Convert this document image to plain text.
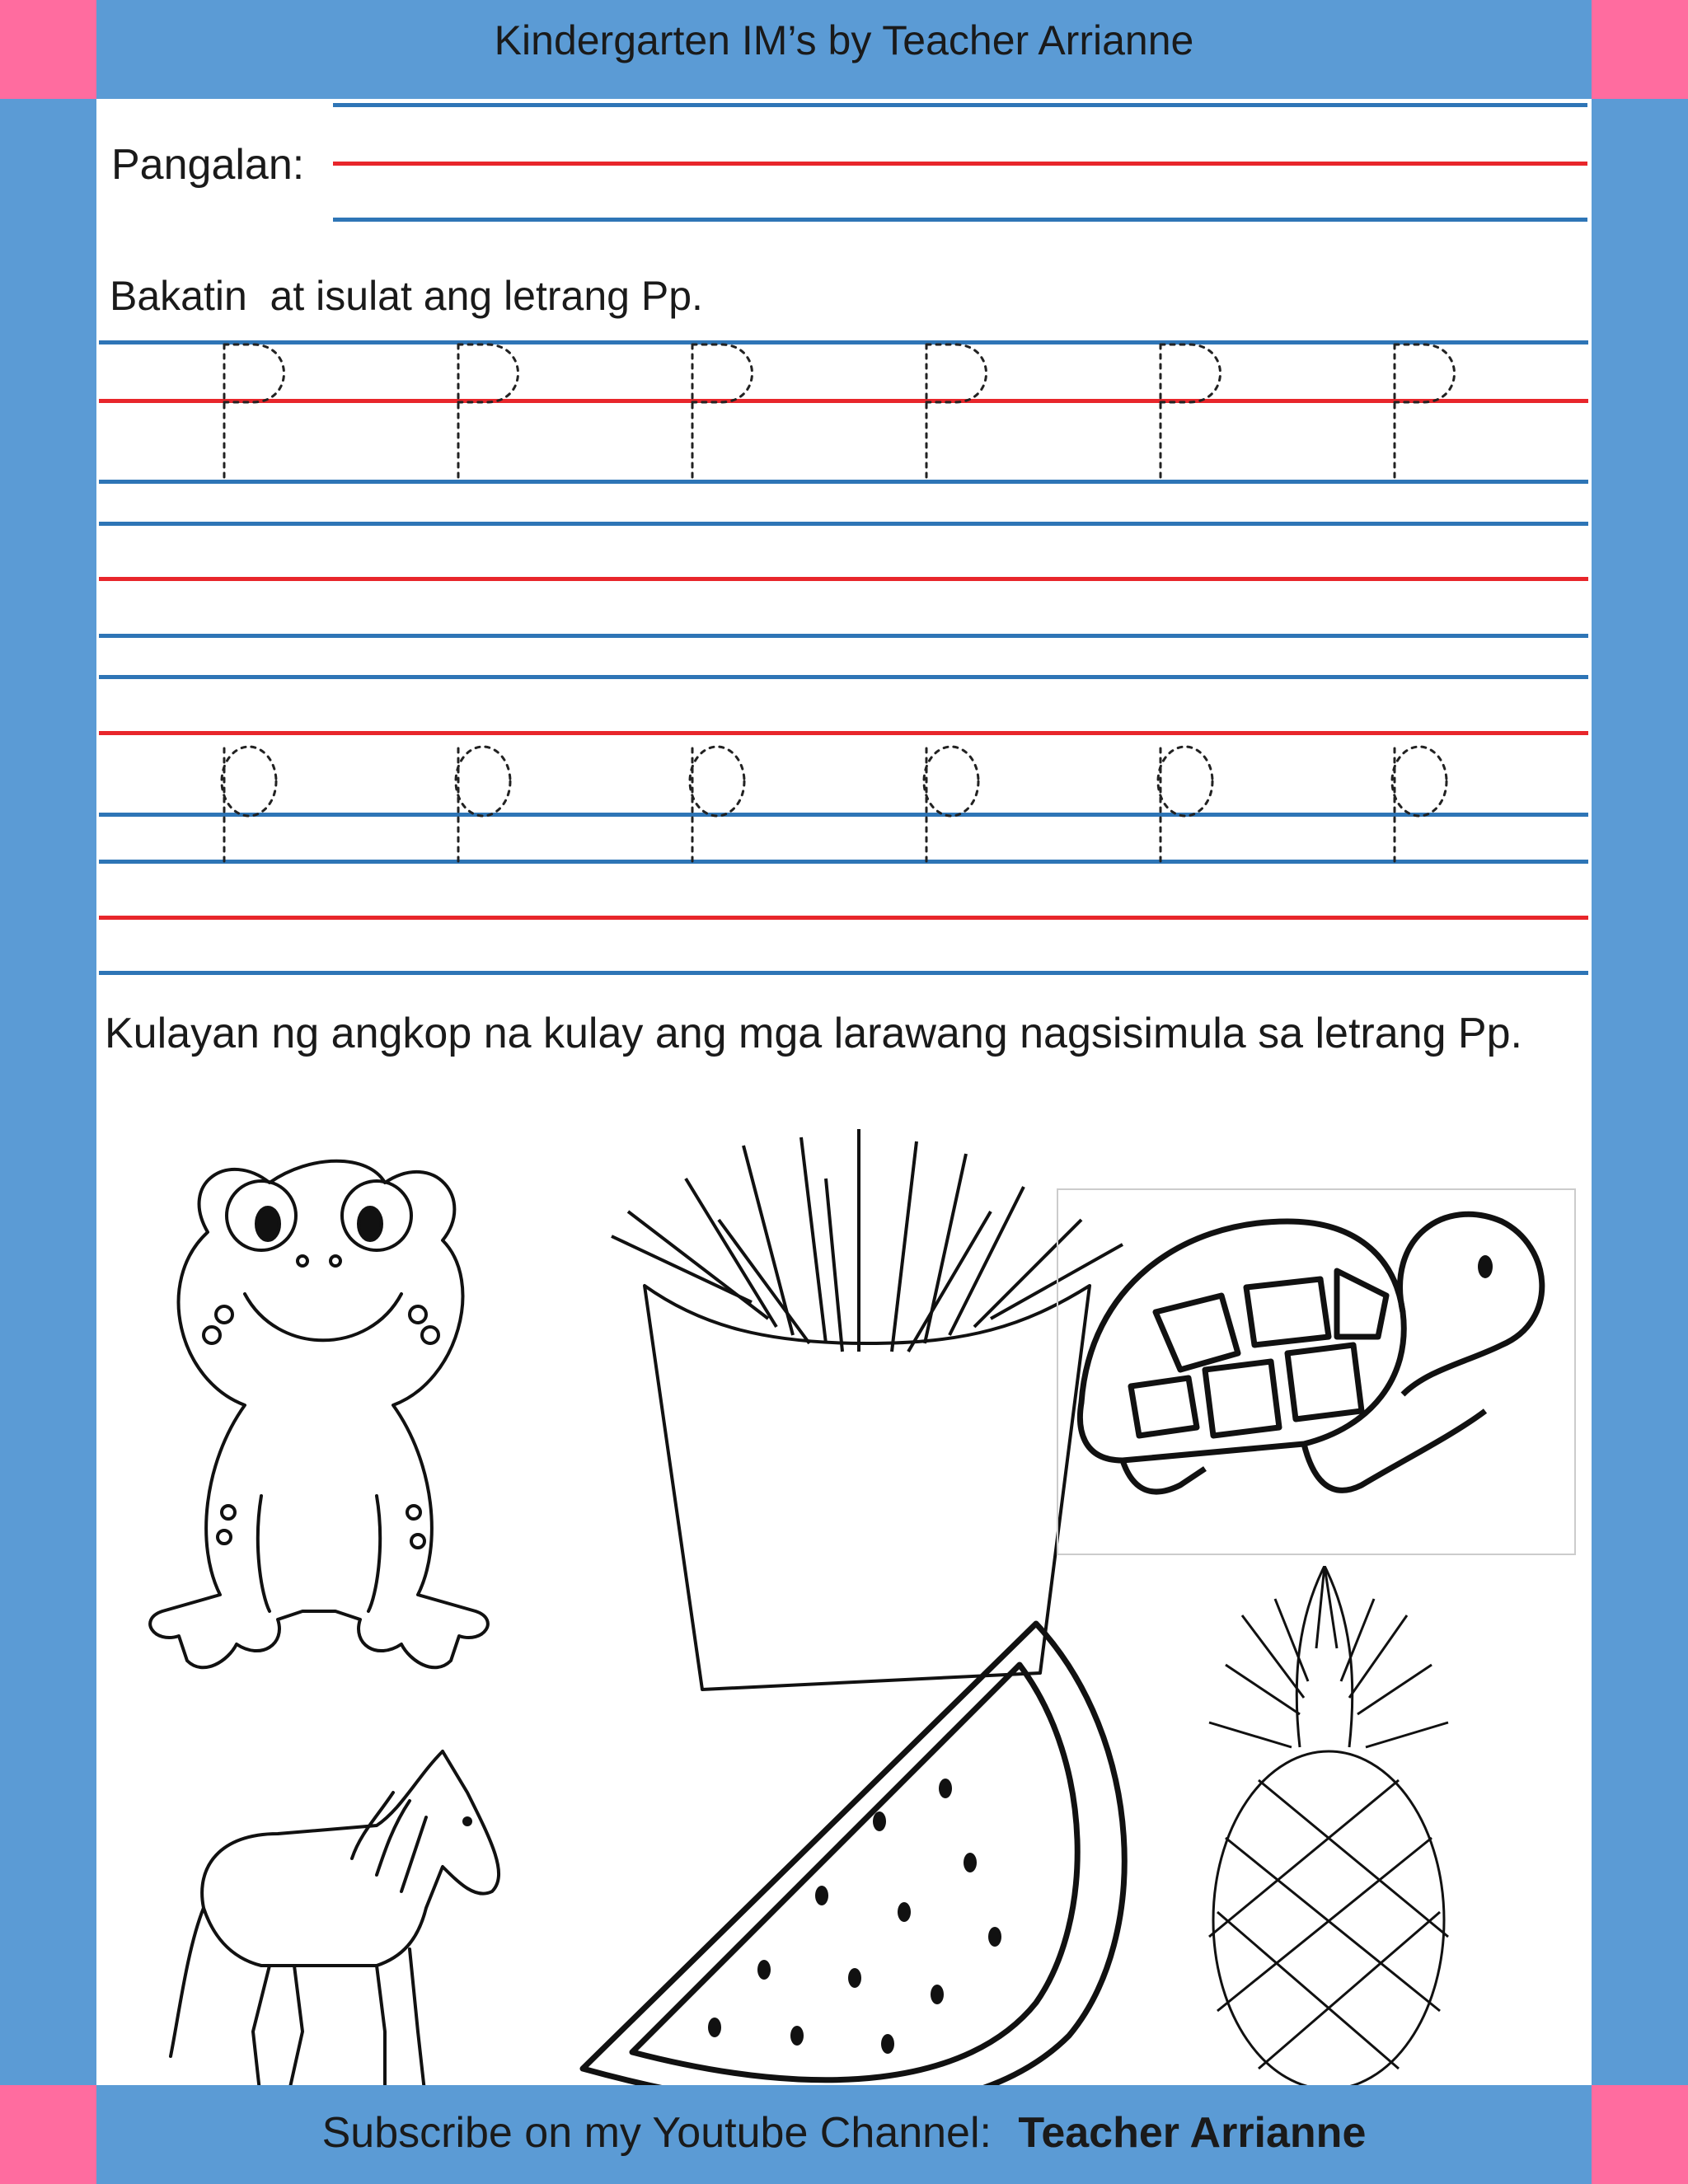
Kindergarten IM’s by Teacher Arrianne
Pangalan:
Bakatin  at isulat ang letrang Pp.
Kulayan ng angkop na kulay ang mga larawang nagsisimula sa letrang Pp.
Subscribe on my Youtube Channel: Teacher Arrianne
